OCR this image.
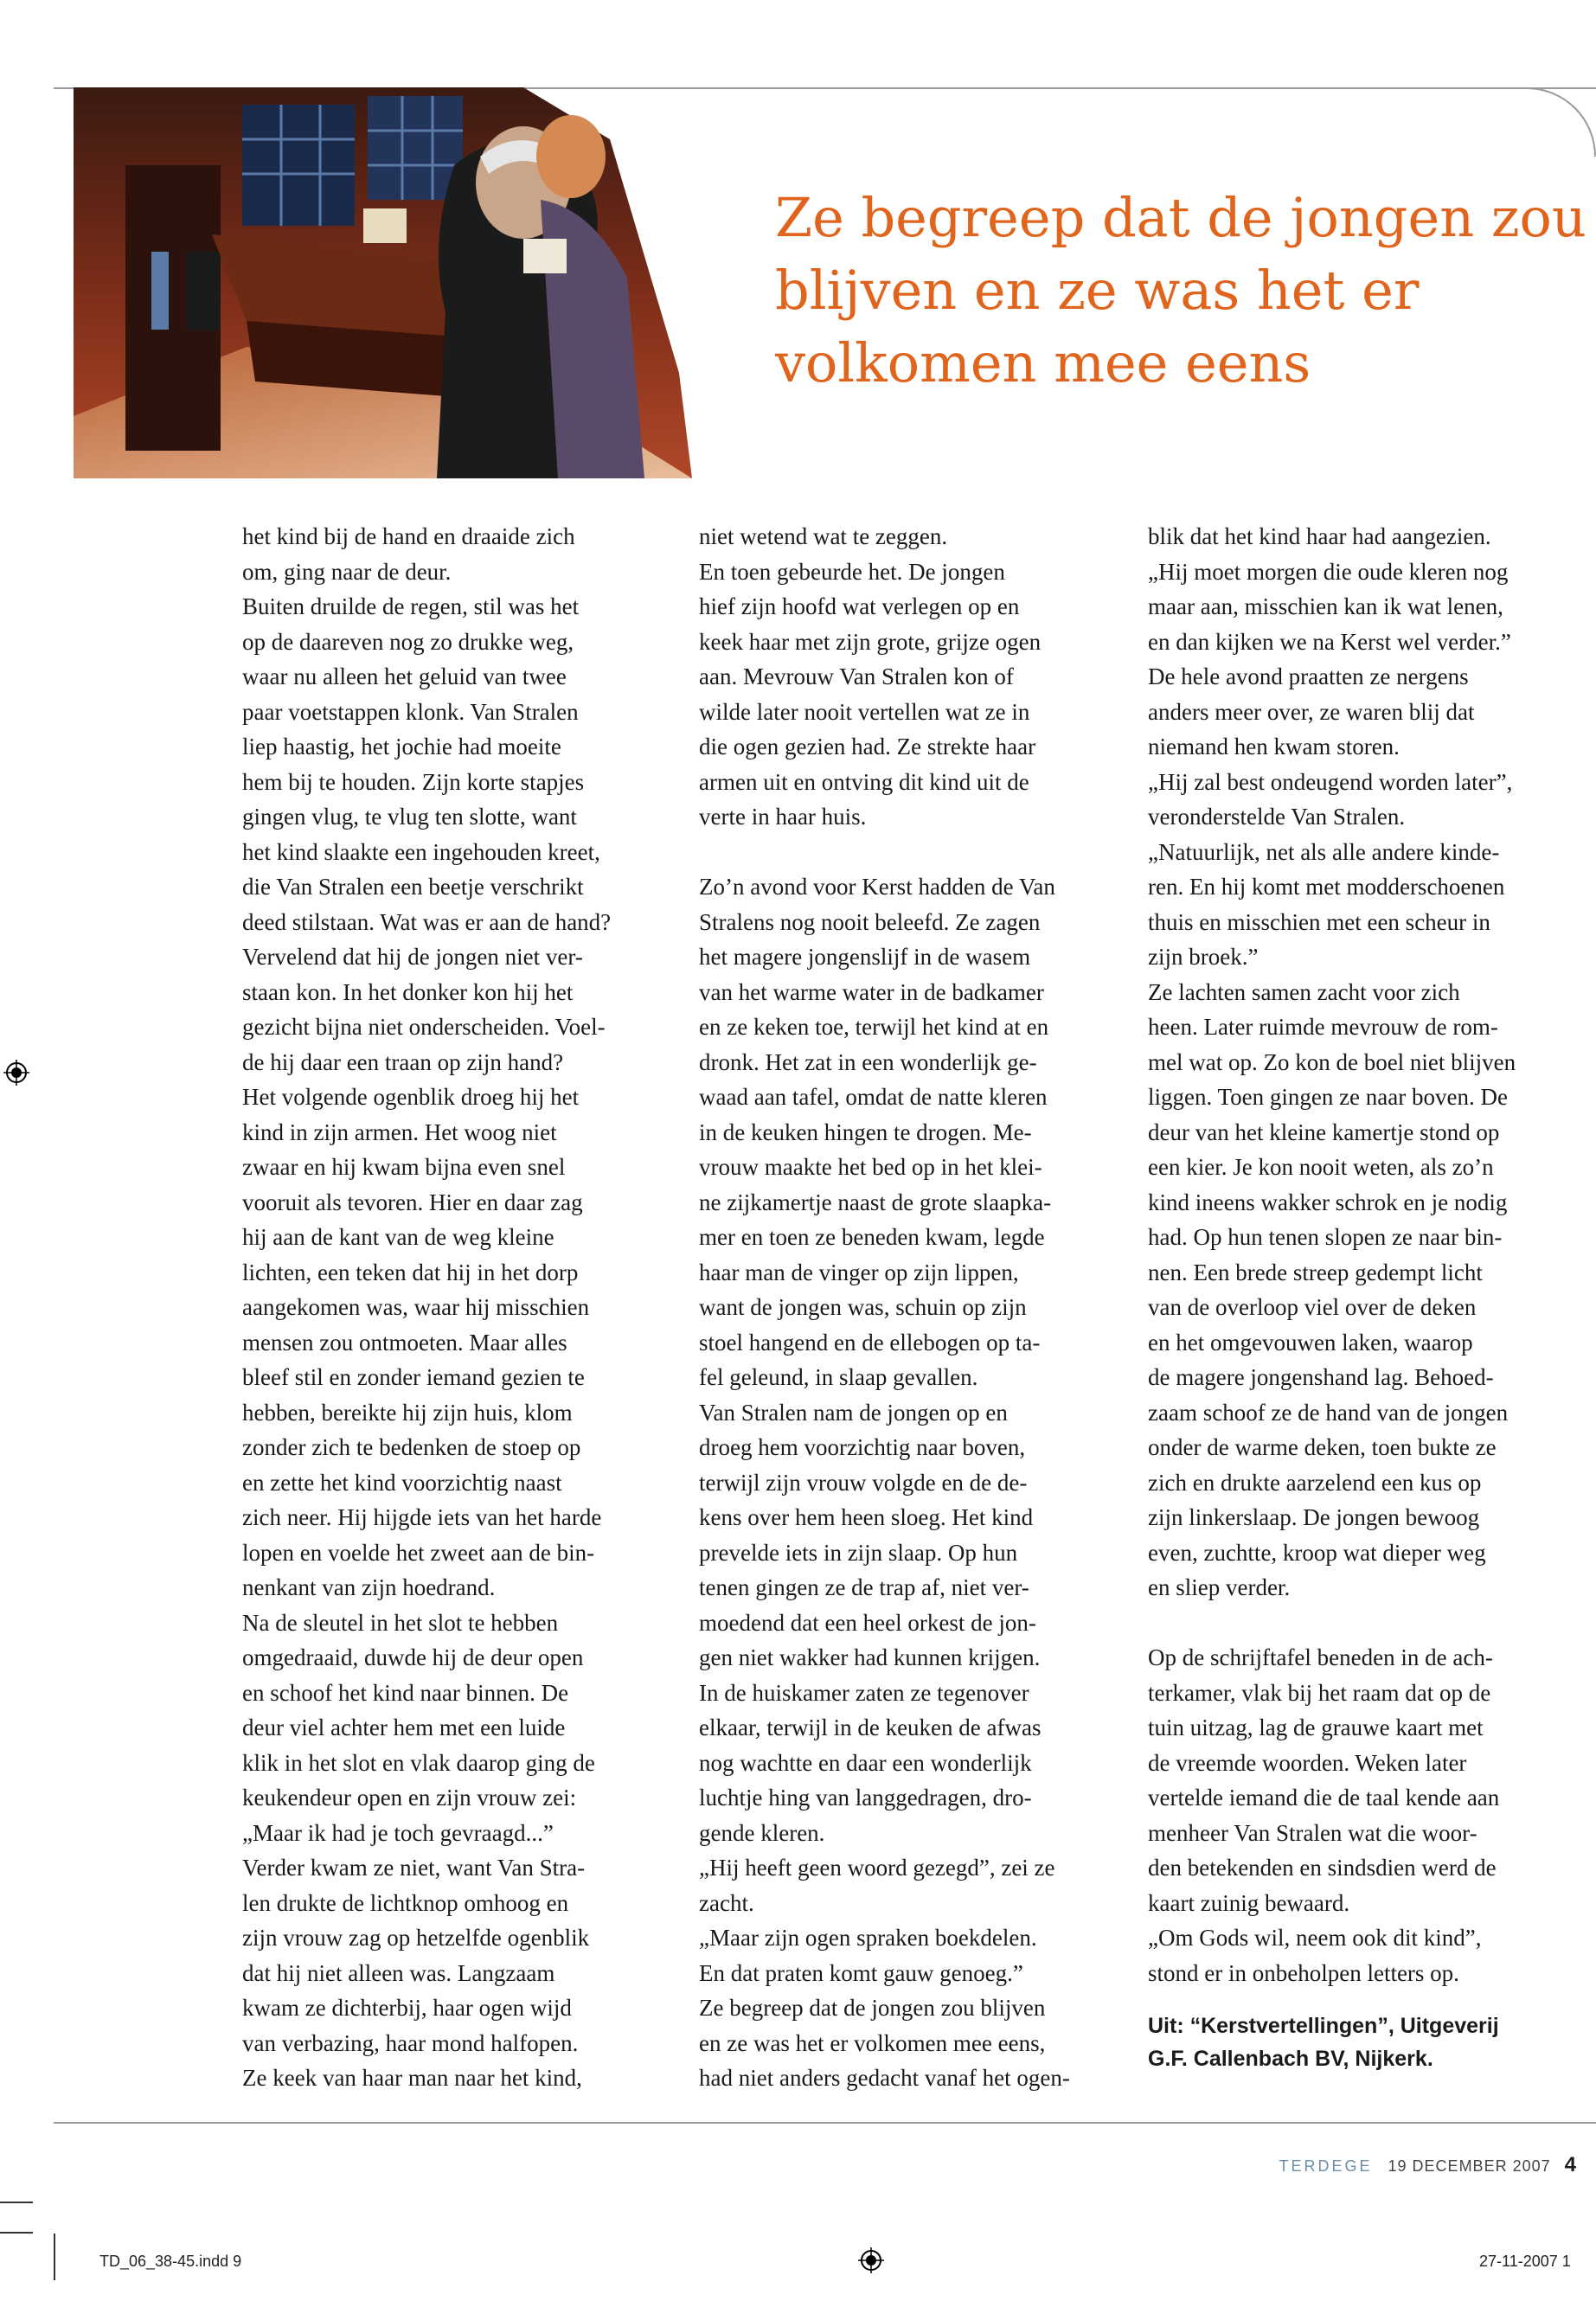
Ze begreep dat de jongen zou
blijven en ze was het er
volkomen mee eens
het kind bij de hand en draaide zich
om, ging naar de deur.
Buiten druilde de regen, stil was het
op de daareven nog zo drukke weg,
waar nu alleen het geluid van twee
paar voetstappen klonk. Van Stralen
liep haastig, het jochie had moeite
hem bij te houden. Zijn korte stapjes
gingen vlug, te vlug ten slotte, want
het kind slaakte een ingehouden kreet,
die Van Stralen een beetje verschrikt
deed stilstaan. Wat was er aan de hand?
Vervelend dat hij de jongen niet ver-
staan kon. In het donker kon hij het
gezicht bijna niet onderscheiden. Voel-
de hij daar een traan op zijn hand?
Het volgende ogenblik droeg hij het
kind in zijn armen. Het woog niet
zwaar en hij kwam bijna even snel
vooruit als tevoren. Hier en daar zag
hij aan de kant van de weg kleine
lichten, een teken dat hij in het dorp
aangekomen was, waar hij misschien
mensen zou ontmoeten. Maar alles
bleef stil en zonder iemand gezien te
hebben, bereikte hij zijn huis, klom
zonder zich te bedenken de stoep op
en zette het kind voorzichtig naast
zich neer. Hij hijgde iets van het harde
lopen en voelde het zweet aan de bin-
nenkant van zijn hoedrand.
Na de sleutel in het slot te hebben
omgedraaid, duwde hij de deur open
en schoof het kind naar binnen. De
deur viel achter hem met een luide
klik in het slot en vlak daarop ging de
keukendeur open en zijn vrouw zei:
„Maar ik had je toch gevraagd...”
Verder kwam ze niet, want Van Stra-
len drukte de lichtknop omhoog en
zijn vrouw zag op hetzelfde ogenblik
dat hij niet alleen was. Langzaam
kwam ze dichterbij, haar ogen wijd
van verbazing, haar mond halfopen.
Ze keek van haar man naar het kind,
niet wetend wat te zeggen.
En toen gebeurde het. De jongen
hief zijn hoofd wat verlegen op en
keek haar met zijn grote, grijze ogen
aan. Mevrouw Van Stralen kon of
wilde later nooit vertellen wat ze in
die ogen gezien had. Ze strekte haar
armen uit en ontving dit kind uit de
verte in haar huis.
Zo’n avond voor Kerst hadden de Van
Stralens nog nooit beleefd. Ze zagen
het magere jongenslijf in de wasem
van het warme water in de badkamer
en ze keken toe, terwijl het kind at en
dronk. Het zat in een wonderlijk ge-
waad aan tafel, omdat de natte kleren
in de keuken hingen te drogen. Me-
vrouw maakte het bed op in het klei-
ne zijkamertje naast de grote slaapka-
mer en toen ze beneden kwam, legde
haar man de vinger op zijn lippen,
want de jongen was, schuin op zijn
stoel hangend en de ellebogen op ta-
fel geleund, in slaap gevallen.
Van Stralen nam de jongen op en
droeg hem voorzichtig naar boven,
terwijl zijn vrouw volgde en de de-
kens over hem heen sloeg. Het kind
prevelde iets in zijn slaap. Op hun
tenen gingen ze de trap af, niet ver-
moedend dat een heel orkest de jon-
gen niet wakker had kunnen krijgen.
In de huiskamer zaten ze tegenover
elkaar, terwijl in de keuken de afwas
nog wachtte en daar een wonderlijk
luchtje hing van langgedragen, dro-
gende kleren.
„Hij heeft geen woord gezegd”, zei ze
zacht.
„Maar zijn ogen spraken boekdelen.
En dat praten komt gauw genoeg.”
Ze begreep dat de jongen zou blijven
en ze was het er volkomen mee eens,
had niet anders gedacht vanaf het ogen-
blik dat het kind haar had aangezien.
„Hij moet morgen die oude kleren nog
maar aan, misschien kan ik wat lenen,
en dan kijken we na Kerst wel verder.”
De hele avond praatten ze nergens
anders meer over, ze waren blij dat
niemand hen kwam storen.
„Hij zal best ondeugend worden later”,
veronderstelde Van Stralen.
„Natuurlijk, net als alle andere kinde-
ren. En hij komt met modderschoenen
thuis en misschien met een scheur in
zijn broek.”
Ze lachten samen zacht voor zich
heen. Later ruimde mevrouw de rom-
mel wat op. Zo kon de boel niet blijven
liggen. Toen gingen ze naar boven. De
deur van het kleine kamertje stond op
een kier. Je kon nooit weten, als zo’n
kind ineens wakker schrok en je nodig
had. Op hun tenen slopen ze naar bin-
nen. Een brede streep gedempt licht
van de overloop viel over de deken
en het omgevouwen laken, waarop
de magere jongenshand lag. Behoed-
zaam schoof ze de hand van de jongen
onder de warme deken, toen bukte ze
zich en drukte aarzelend een kus op
zijn linkerslaap. De jongen bewoog
even, zuchtte, kroop wat dieper weg
en sliep verder.
Op de schrijftafel beneden in de ach-
terkamer, vlak bij het raam dat op de
tuin uitzag, lag de grauwe kaart met
de vreemde woorden. Weken later
vertelde iemand die de taal kende aan
menheer Van Stralen wat die woor-
den betekenden en sindsdien werd de
kaart zuinig bewaard.
„Om Gods wil, neem ook dit kind”,
stond er in onbeholpen letters op.
Uit: “Kerstvertellingen”, Uitgeverij
G.F. Callenbach BV, Nijkerk.
TERDEGE 19 DECEMBER 2007 4
TD_06_38-45.indd 9	27-11-2007 1
